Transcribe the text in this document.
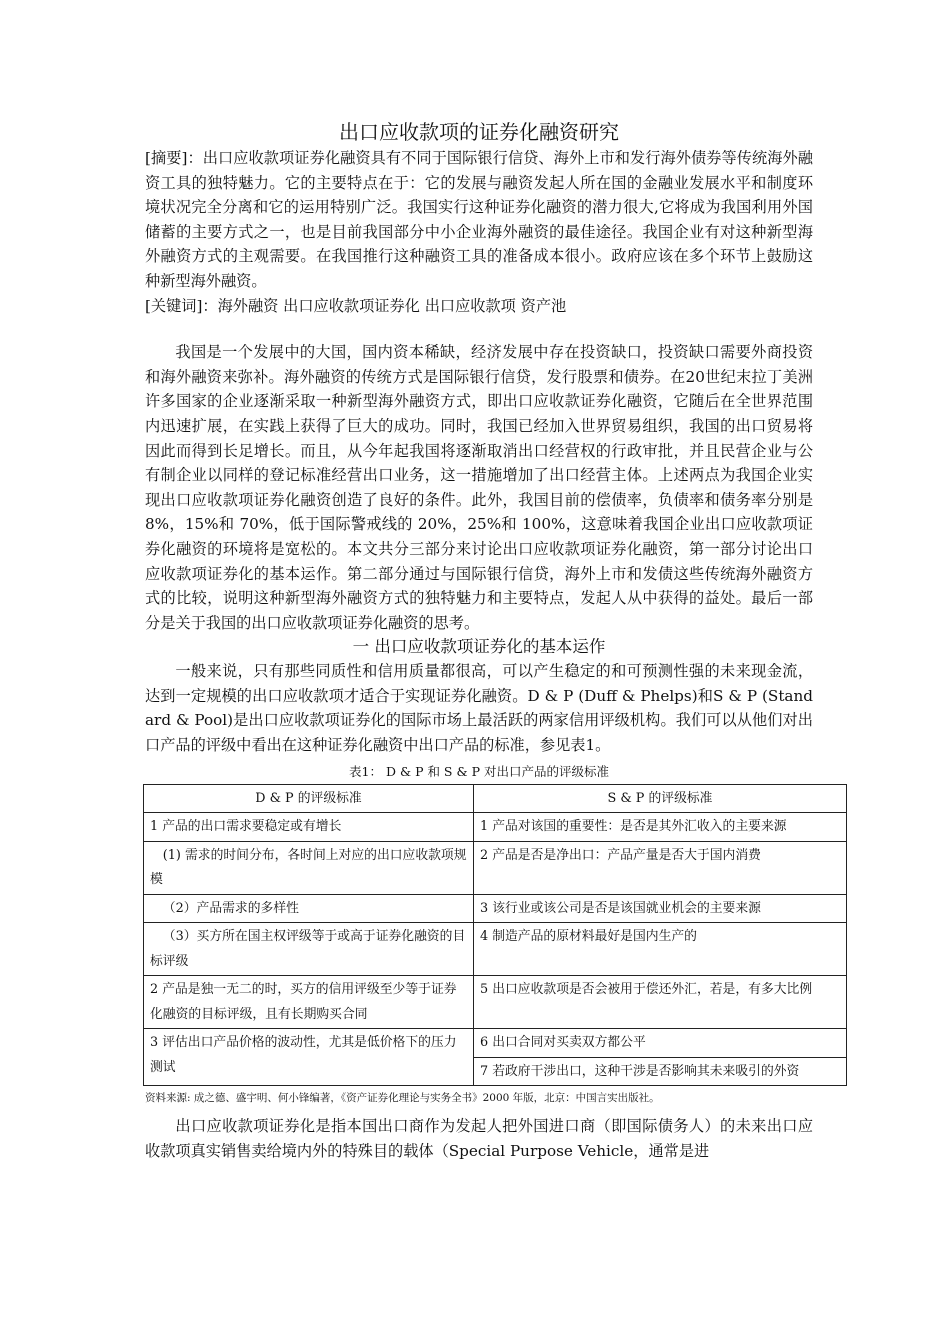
出口应收款项的证券化融资研究

[摘要]：出口应收款项证券化融资具有不同于国际银行信贷、海外上市和发行海外债券等传统海外融资工具的独特魅力。它的主要特点在于：它的发展与融资发起人所在国的金融业发展水平和制度环境状况完全分离和它的运用特别广泛。我国实行这种证券化融资的潜力很大,它将成为我国利用外国储蓄的主要方式之一，也是目前我国部分中小企业海外融资的最佳途径。我国企业有对这种新型海外融资方式的主观需要。在我国推行这种融资工具的准备成本很小。政府应该在多个环节上鼓励这种新型海外融资。

[关键词]：海外融资 出口应收款项证券化 出口应收款项 资产池

我国是一个发展中的大国，国内资本稀缺，经济发展中存在投资缺口，投资缺口需要外商投资和海外融资来弥补。海外融资的传统方式是国际银行信贷，发行股票和债券。在20世纪末拉丁美洲许多国家的企业逐渐采取一种新型海外融资方式，即出口应收款证券化融资，它随后在全世界范围内迅速扩展，在实践上获得了巨大的成功。同时，我国已经加入世界贸易组织，我国的出口贸易将因此而得到长足增长。而且，从今年起我国将逐渐取消出口经营权的行政审批，并且民营企业与公有制企业以同样的登记标准经营出口业务，这一措施增加了出口经营主体。上述两点为我国企业实现出口应收款项证券化融资创造了良好的条件。此外，我国目前的偿债率，负债率和债务率分别是 8%，15%和 70%，低于国际警戒线的 20%，25%和 100%，这意味着我国企业出口应收款项证券化融资的环境将是宽松的。本文共分三部分来讨论出口应收款项证券化融资，第一部分讨论出口应收款项证券化的基本运作。第二部分通过与国际银行信贷，海外上市和发债这些传统海外融资方式的比较，说明这种新型海外融资方式的独特魅力和主要特点，发起人从中获得的益处。最后一部分是关于我国的出口应收款项证券化融资的思考。

一 出口应收款项证券化的基本运作

一般来说，只有那些同质性和信用质量都很高，可以产生稳定的和可预测性强的未来现金流，达到一定规模的出口应收款项才适合于实现证券化融资。D & P (Duff & Phelps)和S & P (Standard & Pool)是出口应收款项证券化的国际市场上最活跃的两家信用评级机构。我们可以从他们对出口产品的评级中看出在这种证券化融资中出口产品的标准，参见表1。

表1： D & P 和 S & P 对出口产品的评级标准
D & P 的评级标准	S & P 的评级标准
1 产品的出口需求要稳定或有增长	1 产品对该国的重要性：是否是其外汇收入的主要来源
(1) 需求的时间分布，各时间上对应的出口应收款项规模	2 产品是否是净出口：产品产量是否大于国内消费
（2）产品需求的多样性	3 该行业或该公司是否是该国就业机会的主要来源
（3）买方所在国主权评级等于或高于证券化融资的目标评级	4 制造产品的原材料最好是国内生产的
2 产品是独一无二的时，买方的信用评级至少等于证券化融资的目标评级，且有长期购买合同	5 出口应收款项是否会被用于偿还外汇，若是，有多大比例
3 评估出口产品价格的波动性，尤其是低价格下的压力测试	6 出口合同对买卖双方都公平
	7 若政府干涉出口，这种干涉是否影响其未来吸引的外资
资料来源: 成之德、盛宇明、何小锋编著，《资产证券化理论与实务全书》2000 年版，北京：中国言实出版社。

出口应收款项证券化是指本国出口商作为发起人把外国进口商（即国际债务人）的未来出口应收款项真实销售卖给境内外的特殊目的载体（Special Purpose Vehicle，通常是进
